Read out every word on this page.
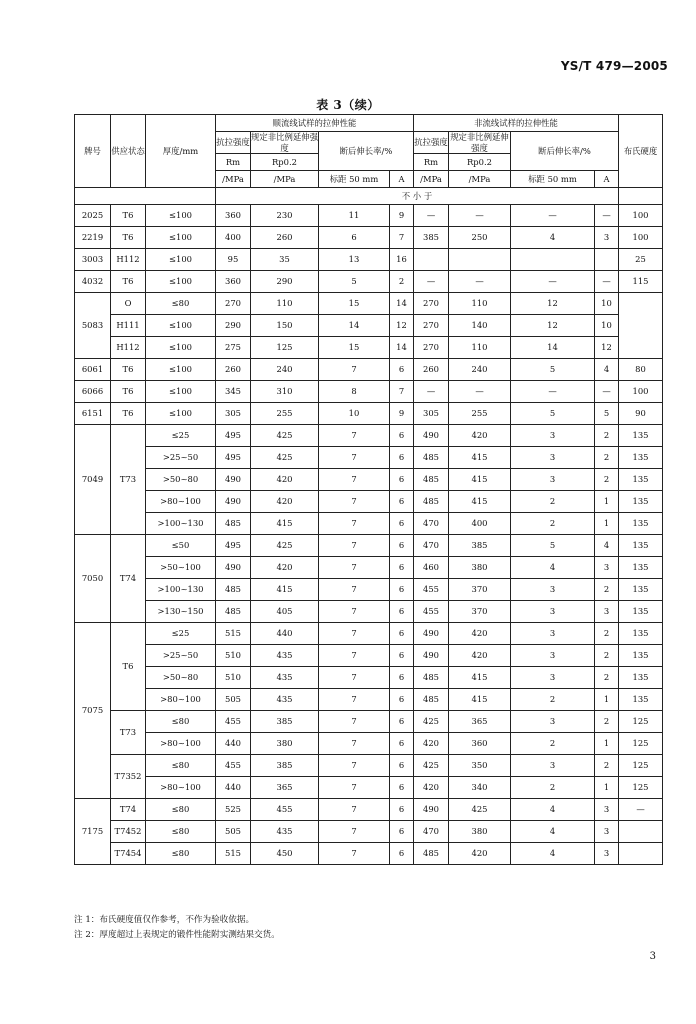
YS/T 479—2005
表 3（续）
牌号	供应状态	厚度/mm	顺流线试样的拉伸性能				非流线试样的拉伸性能				布氏硬度
			抗拉强度	规定非比例延伸强度	断后伸长率/%		抗拉强度	规定非比例延伸强度	断后伸长率/%		
			Rm	Rp0.2			Rm	Rp0.2			
			/MPa	/MPa	标距 50 mm	A	/MPa	/MPa	标距 50 mm	A	
			不 小 于								
2025	T6	≤100	360	230	11	9	—	—	—	—	100
2219	T6	≤100	400	260	6	7	385	250	4	3	100
3003	H112	≤100	95	35	13	16					25
4032	T6	≤100	360	290	5	2	—	—	—	—	115
5083	O	≤80	270	110	15	14	270	110	12	10	
	H111	≤100	290	150	14	12	270	140	12	10	
	H112	≤100	275	125	15	14	270	110	14	12	
6061	T6	≤100	260	240	7	6	260	240	5	4	80
6066	T6	≤100	345	310	8	7	—	—	—	—	100
6151	T6	≤100	305	255	10	9	305	255	5	5	90
7049	T73	≤25	495	425	7	6	490	420	3	2	135
		>25~50	495	425	7	6	485	415	3	2	135
		>50~80	490	420	7	6	485	415	3	2	135
		>80~100	490	420	7	6	485	415	2	1	135
		>100~130	485	415	7	6	470	400	2	1	135
7050	T74	≤50	495	425	7	6	470	385	5	4	135
		>50~100	490	420	7	6	460	380	4	3	135
		>100~130	485	415	7	6	455	370	3	2	135
		>130~150	485	405	7	6	455	370	3	3	135
7075	T6	≤25	515	440	7	6	490	420	3	2	135
		>25~50	510	435	7	6	490	420	3	2	135
		>50~80	510	435	7	6	485	415	3	2	135
		>80~100	505	435	7	6	485	415	2	1	135
	T73	≤80	455	385	7	6	425	365	3	2	125
		>80~100	440	380	7	6	420	360	2	1	125
	T7352	≤80	455	385	7	6	425	350	3	2	125
		>80~100	440	365	7	6	420	340	2	1	125
7175	T74	≤80	525	455	7	6	490	425	4	3	—
	T7452	≤80	505	435	7	6	470	380	4	3	
	T7454	≤80	515	450	7	6	485	420	4	3	
注 1：布氏硬度值仅作参考，不作为验收依据。
注 2：厚度超过上表规定的锻件性能附实测结果交货。
3
